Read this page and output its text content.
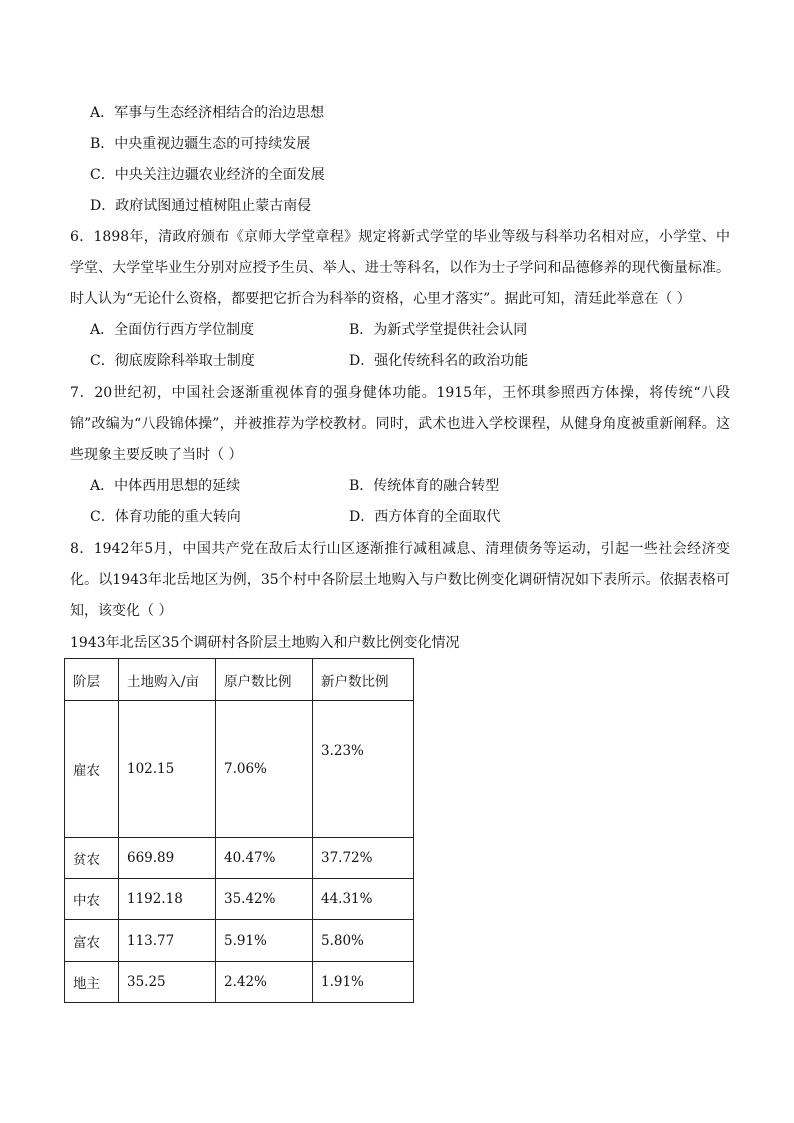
A．军事与生态经济相结合的治边思想
B．中央重视边疆生态的可持续发展
C．中央关注边疆农业经济的全面发展
D．政府试图通过植树阻止蒙古南侵
6．1898年，清政府颁布《京师大学堂章程》规定将新式学堂的毕业等级与科举功名相对应，小学堂、中学堂、大学堂毕业生分别对应授予生员、举人、进士等科名，以作为士子学问和品德修养的现代衡量标准。时人认为“无论什么资格，都要把它折合为科举的资格，心里才落实”。据此可知，清廷此举意在（ ）
A．全面仿行西方学位制度	B．为新式学堂提供社会认同
C．彻底废除科举取士制度	D．强化传统科名的政治功能
7．20世纪初，中国社会逐渐重视体育的强身健体功能。1915年，王怀琪参照西方体操，将传统“八段锦”改编为“八段锦体操”，并被推荐为学校教材。同时，武术也进入学校课程，从健身角度被重新阐释。这些现象主要反映了当时（ ）
A．中体西用思想的延续	B．传统体育的融合转型
C．体育功能的重大转向	D．西方体育的全面取代
8．1942年5月，中国共产党在敌后太行山区逐渐推行减租减息、清理债务等运动，引起一些社会经济变化。以1943年北岳地区为例，35个村中各阶层土地购入与户数比例变化调研情况如下表所示。依据表格可知，该变化（ ）
1943年北岳区35个调研村各阶层土地购入和户数比例变化情况
阶层	土地购入/亩	原户数比例	新户数比例
雇农	102.15	7.06%	3.23%
贫农	669.89	40.47%	37.72%
中农	1192.18	35.42%	44.31%
富农	113.77	5.91%	5.80%
地主	35.25	2.42%	1.91%
